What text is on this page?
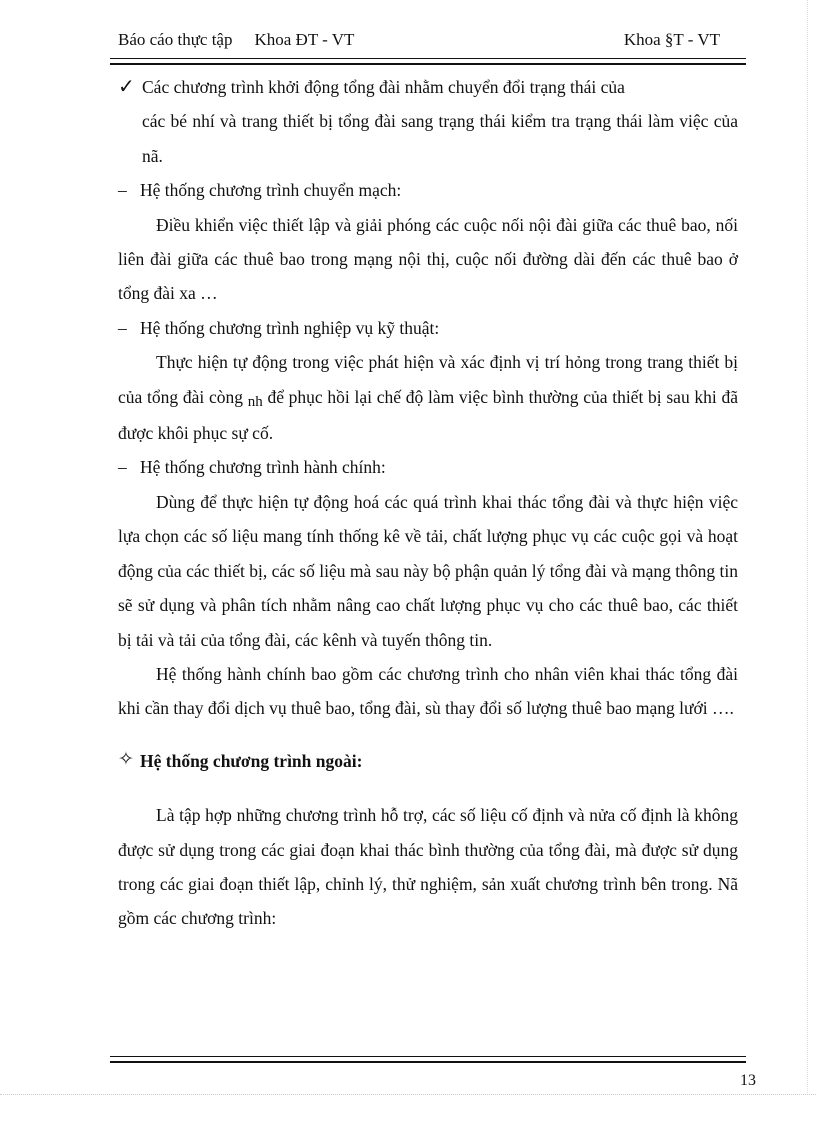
Báo cáo thực tập Khoa ĐT - VT	Khoa §T - VT
✓ Các chương trình khởi động tổng đài nhằm chuyển đổi trạng thái của
các bé nhí và trang thiết bị tổng đài sang trạng thái kiểm tra trạng thái làm việc của nã.
– Hệ thống chương trình chuyển mạch:

Điều khiển việc thiết lập và giải phóng các cuộc nối nội đài giữa các thuê bao, nối liên đài giữa các thuê bao trong mạng nội thị, cuộc nối đường dài đến các thuê bao ở tổng đài xa …

– Hệ thống chương trình nghiệp vụ kỹ thuật:

Thực hiện tự động trong việc phát hiện và xác định vị trí hỏng trong trang thiết bị của tổng đài còng nh để phục hồi lại chế độ làm việc bình thường của thiết bị sau khi đã được khôi phục sự cố.

– Hệ thống chương trình hành chính:

Dùng để thực hiện tự động hoá các quá trình khai thác tổng đài và thực hiện việc lựa chọn các số liệu mang tính thống kê về tải, chất lượng phục vụ các cuộc gọi và hoạt động của các thiết bị, các số liệu mà sau này bộ phận quản lý tổng đài và mạng thông tin sẽ sử dụng và phân tích nhằm nâng cao chất lượng phục vụ cho các thuê bao, các thiết bị tải và tải của tổng đài, các kênh và tuyến thông tin.

Hệ thống hành chính bao gồm các chương trình cho nhân viên khai thác tổng đài khi cần thay đổi dịch vụ thuê bao, tổng đài, sù thay đổi số lượng thuê bao mạng lưới ….

✧ Hệ thống chương trình ngoài:

Là tập hợp những chương trình hỗ trợ, các số liệu cố định và nửa cố định là không được sử dụng trong các giai đoạn khai thác bình thường của tổng đài, mà được sử dụng trong các giai đoạn thiết lập, chỉnh lý, thử nghiệm, sản xuất chương trình bên trong. Nã gồm các chương trình:

13
